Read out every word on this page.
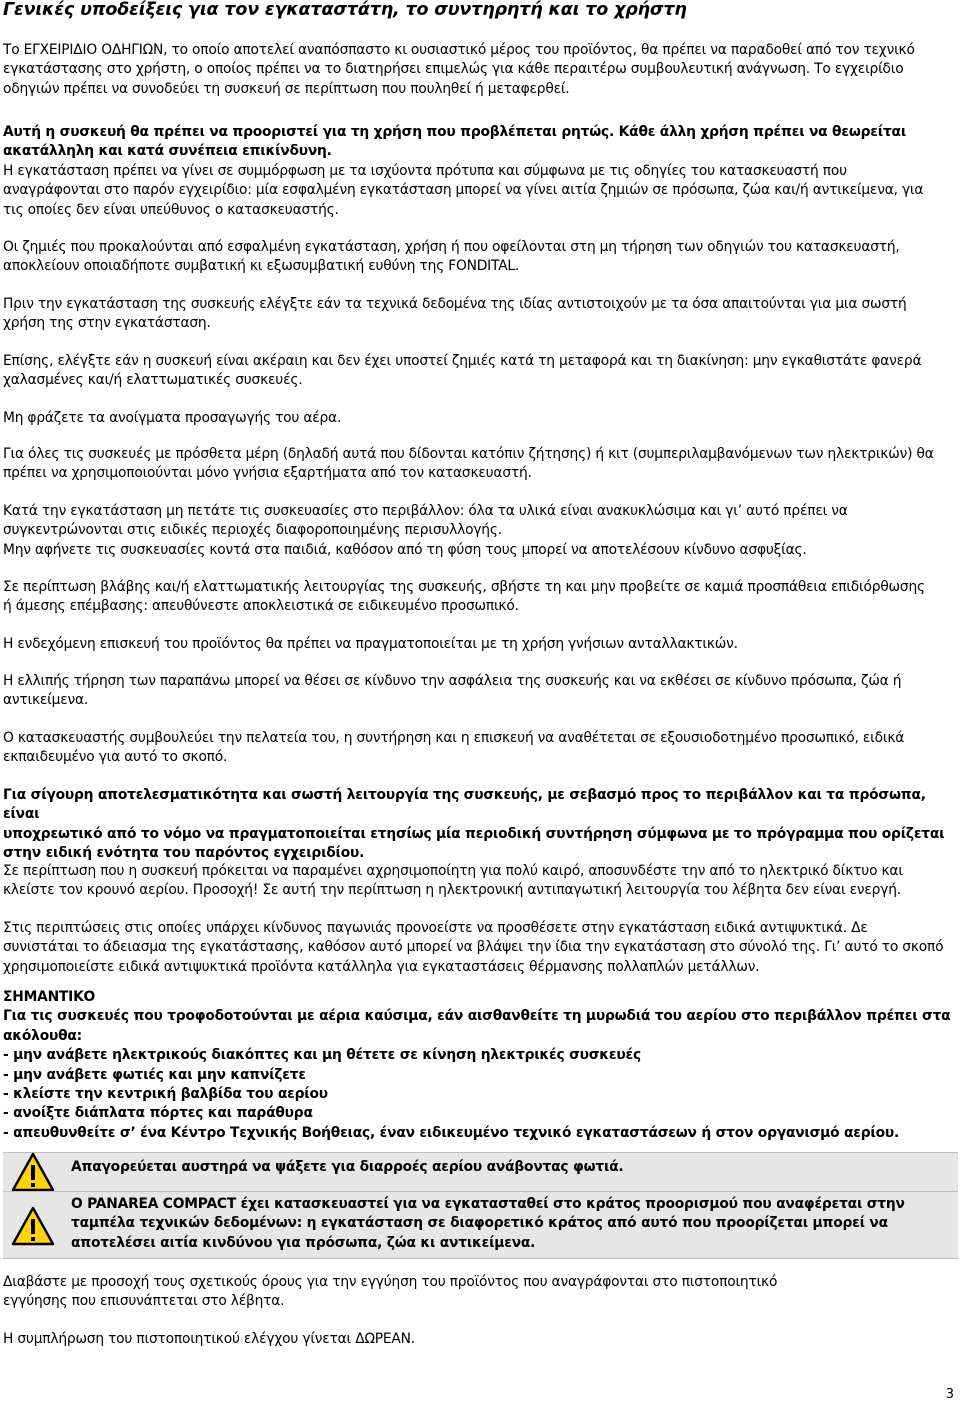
Γενικές υποδείξεις για τον εγκαταστάτη, το συντηρητή και το χρήστη

Το ΕΓΧΕΙΡΙΔΙΟ ΟΔΗΓΙΩΝ, το οποίο αποτελεί αναπόσπαστο κι ουσιαστικό μέρος του προϊόντος, θα πρέπει να παραδοθεί από τον τεχνικό
εγκατάστασης στο χρήστη, ο οποίος πρέπει να το διατηρήσει επιμελώς για κάθε περαιτέρω συμβουλευτική ανάγνωση. Το εγχειρίδιο
οδηγιών πρέπει να συνοδεύει τη συσκευή σε περίπτωση που πουληθεί ή μεταφερθεί.

Αυτή η συσκευή θα πρέπει να προοριστεί για τη χρήση που προβλέπεται ρητώς. Κάθε άλλη χρήση πρέπει να θεωρείται
ακατάλληλη και κατά συνέπεια επικίνδυνη.
Η εγκατάσταση πρέπει να γίνει σε συμμόρφωση με τα ισχύοντα πρότυπα και σύμφωνα με τις οδηγίες του κατασκευαστή που
αναγράφονται στο παρόν εγχειρίδιο: μία εσφαλμένη εγκατάσταση μπορεί να γίνει αιτία ζημιών σε πρόσωπα, ζώα και/ή αντικείμενα, για
τις οποίες δεν είναι υπεύθυνος ο κατασκευαστής.

Οι ζημιές που προκαλούνται από εσφαλμένη εγκατάσταση, χρήση ή που οφείλονται στη μη τήρηση των οδηγιών του κατασκευαστή,
αποκλείουν οποιαδήποτε συμβατική κι εξωσυμβατική ευθύνη της FONDITAL.

Πριν την εγκατάσταση της συσκευής ελέγξτε εάν τα τεχνικά δεδομένα της ιδίας αντιστοιχούν με τα όσα απαιτούνται για μια σωστή
χρήση της στην εγκατάσταση.

Επίσης, ελέγξτε εάν η συσκευή είναι ακέραιη και δεν έχει υποστεί ζημιές κατά τη μεταφορά και τη διακίνηση: μην εγκαθιστάτε φανερά
χαλασμένες και/ή ελαττωματικές συσκευές.

Μη φράζετε τα ανοίγματα προσαγωγής του αέρα.

Για όλες τις συσκευές με πρόσθετα μέρη (δηλαδή αυτά που δίδονται κατόπιν ζήτησης) ή κιτ (συμπεριλαμβανόμενων των ηλεκτρικών) θα
πρέπει να χρησιμοποιούνται μόνο γνήσια εξαρτήματα από τον κατασκευαστή.

Κατά την εγκατάσταση μη πετάτε τις συσκευασίες στο περιβάλλον: όλα τα υλικά είναι ανακυκλώσιμα και γι’ αυτό πρέπει να
συγκεντρώνονται στις ειδικές περιοχές διαφοροποιημένης περισυλλογής.
Μην αφήνετε τις συσκευασίες κοντά στα παιδιά, καθόσον από τη φύση τους μπορεί να αποτελέσουν κίνδυνο ασφυξίας.

Σε περίπτωση βλάβης και/ή ελαττωματικής λειτουργίας της συσκευής, σβήστε τη και μην προβείτε σε καμιά προσπάθεια επιδιόρθωσης
ή άμεσης επέμβασης: απευθύνεστε αποκλειστικά σε ειδικευμένο προσωπικό.

Η ενδεχόμενη επισκευή του προϊόντος θα πρέπει να πραγματοποιείται με τη χρήση γνήσιων ανταλλακτικών.

Η ελλιπής τήρηση των παραπάνω μπορεί να θέσει σε κίνδυνο την ασφάλεια της συσκευής και να εκθέσει σε κίνδυνο πρόσωπα, ζώα ή
αντικείμενα.

Ο κατασκευαστής συμβουλεύει την πελατεία του, η συντήρηση και η επισκευή να αναθέτεται σε εξουσιοδοτημένο προσωπικό, ειδικά
εκπαιδευμένο για αυτό το σκοπό.

Για σίγουρη αποτελεσματικότητα και σωστή λειτουργία της συσκευής, με σεβασμό προς το περιβάλλον και τα πρόσωπα, είναι
υποχρεωτικό από το νόμο να πραγματοποιείται ετησίως μία περιοδική συντήρηση σύμφωνα με το πρόγραμμα που ορίζεται
στην ειδική ενότητα του παρόντος εγχειριδίου.

Σε περίπτωση που η συσκευή πρόκειται να παραμένει αχρησιμοποίητη για πολύ καιρό, αποσυνδέστε την από το ηλεκτρικό δίκτυο και
κλείστε τον κρουνό αερίου. Προσοχή! Σε αυτή την περίπτωση η ηλεκτρονική αντιπαγωτική λειτουργία του λέβητα δεν είναι ενεργή.

Στις περιπτώσεις στις οποίες υπάρχει κίνδυνος παγωνιάς προνοείστε να προσθέσετε στην εγκατάσταση ειδικά αντιψυκτικά. Δε
συνιστάται το άδειασμα της εγκατάστασης, καθόσον αυτό μπορεί να βλάψει την ίδια την εγκατάσταση στο σύνολό της. Γι’ αυτό το σκοπό
χρησιμοποιείστε ειδικά αντιψυκτικά προϊόντα κατάλληλα για εγκαταστάσεις θέρμανσης πολλαπλών μετάλλων.

ΣΗΜΑΝΤΙΚΟ
Για τις συσκευές που τροφοδοτούνται με αέρια καύσιμα, εάν αισθανθείτε τη μυρωδιά του αερίου στο περιβάλλον πρέπει στα
ακόλουθα:
- μην ανάβετε ηλεκτρικούς διακόπτες και μη θέτετε σε κίνηση ηλεκτρικές συσκευές
- μην ανάβετε φωτιές και μην καπνίζετε
- κλείστε την κεντρική βαλβίδα του αερίου
- ανοίξτε διάπλατα πόρτες και παράθυρα
- απευθυνθείτε σ’ ένα Κέντρο Τεχνικής Βοήθειας, έναν ειδικευμένο τεχνικό εγκαταστάσεων ή στον οργανισμό αερίου.

Απαγορεύεται αυστηρά να ψάξετε για διαρροές αερίου ανάβοντας φωτιά.

Ο PANAREA COMPACT έχει κατασκευαστεί για να εγκατασταθεί στο κράτος προορισμού που αναφέρεται στην ταμπέλα τεχνικών δεδομένων: η εγκατάσταση σε διαφορετικό κράτος από αυτό που προορίζεται μπορεί να αποτελέσει αιτία κινδύνου για πρόσωπα, ζώα κι αντικείμενα.

Διαβάστε με προσοχή τους σχετικούς όρους για την εγγύηση του προϊόντος που αναγράφονται στο πιστοποιητικό
εγγύησης που επισυνάπτεται στο λέβητα.

Η συμπλήρωση του πιστοποιητικού ελέγχου γίνεται ΔΩΡΕΑΝ.

3
